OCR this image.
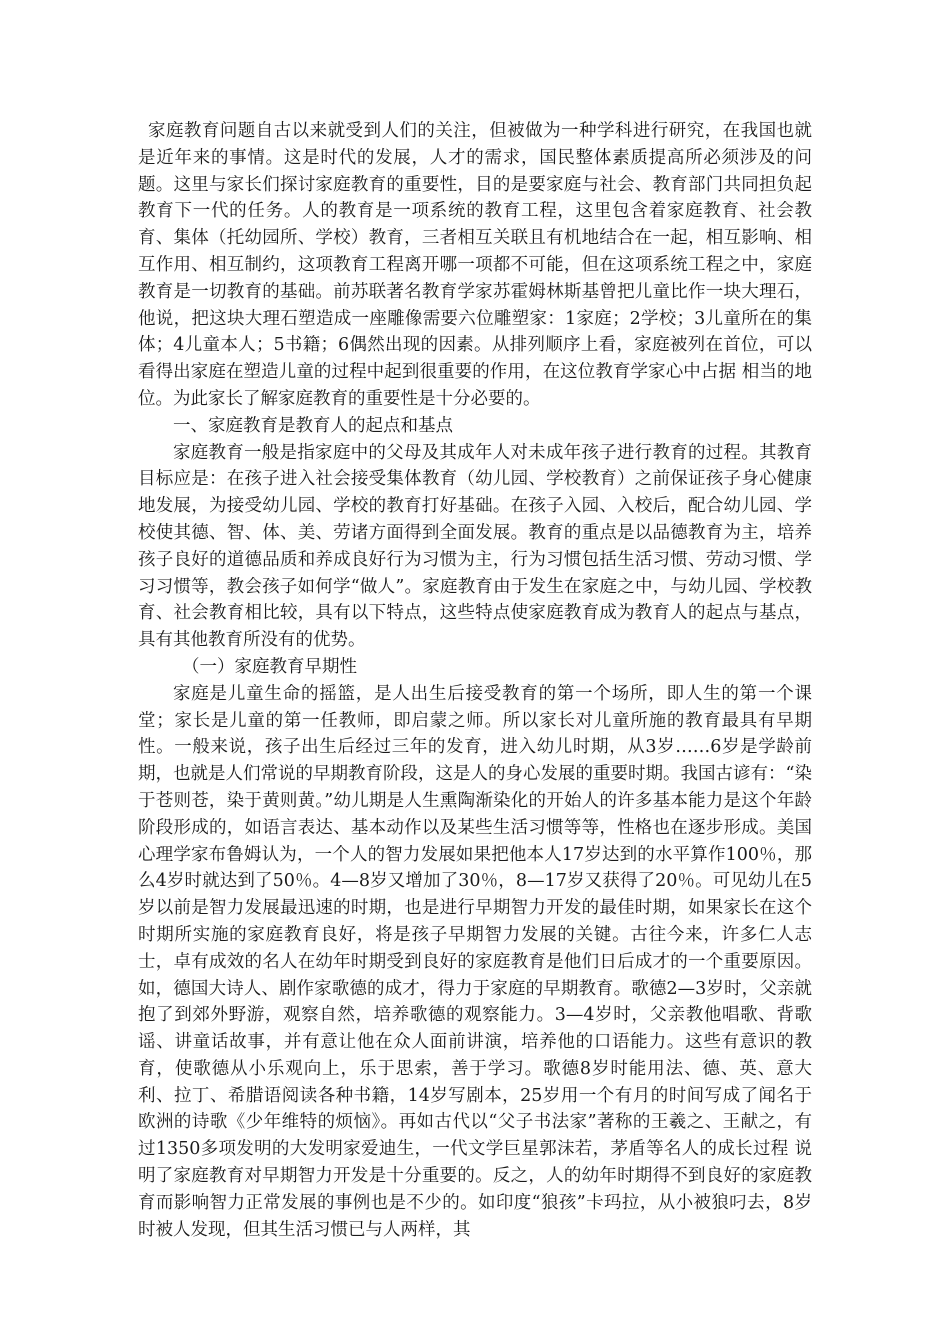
家庭教育问题自古以来就受到人们的关注，但被做为一种学科进行研究，在我国也就是近年来的事情。这是时代的发展，人才的需求，国民整体素质提高所必须涉及的问题。这里与家长们探讨家庭教育的重要性，目的是要家庭与社会、教育部门共同担负起教育下一代的任务。人的教育是一项系统的教育工程，这里包含着家庭教育、社会教育、集体（托幼园所、学校）教育，三者相互关联且有机地结合在一起，相互影响、相互作用、相互制约，这项教育工程离开哪一项都不可能，但在这项系统工程之中，家庭教育是一切教育的基础。前苏联著名教育学家苏霍姆林斯基曾把儿童比作一块大理石，他说，把这块大理石塑造成一座雕像需要六位雕塑家：1家庭；2学校；3儿童所在的集体；4儿童本人；5书籍；6偶然出现的因素。从排列顺序上看，家庭被列在首位，可以看得出家庭在塑造儿童的过程中起到很重要的作用，在这位教育学家心中占据 相当的地位。为此家长了解家庭教育的重要性是十分必要的。

一、家庭教育是教育人的起点和基点

家庭教育一般是指家庭中的父母及其成年人对未成年孩子进行教育的过程。其教育目标应是：在孩子进入社会接受集体教育（幼儿园、学校教育）之前保证孩子身心健康地发展，为接受幼儿园、学校的教育打好基础。在孩子入园、入校后，配合幼儿园、学校使其德、智、体、美、劳诸方面得到全面发展。教育的重点是以品德教育为主，培养孩子良好的道德品质和养成良好行为习惯为主，行为习惯包括生活习惯、劳动习惯、学习习惯等，教会孩子如何学“做人”。家庭教育由于发生在家庭之中，与幼儿园、学校教育、社会教育相比较，具有以下特点，这些特点使家庭教育成为教育人的起点与基点，具有其他教育所没有的优势。

（一）家庭教育早期性

家庭是儿童生命的摇篮，是人出生后接受教育的第一个场所，即人生的第一个课堂；家长是儿童的第一任教师，即启蒙之师。所以家长对儿童所施的教育最具有早期性。一般来说，孩子出生后经过三年的发育，进入幼儿时期，从3岁……6岁是学龄前期，也就是人们常说的早期教育阶段，这是人的身心发展的重要时期。我国古谚有：“染于苍则苍，染于黄则黄。”幼儿期是人生熏陶渐染化的开始人的许多基本能力是这个年龄阶段形成的，如语言表达、基本动作以及某些生活习惯等等，性格也在逐步形成。美国心理学家布鲁姆认为，一个人的智力发展如果把他本人17岁达到的水平算作100％，那么4岁时就达到了50％。4—8岁又增加了30％，8—17岁又获得了20％。可见幼儿在5岁以前是智力发展最迅速的时期，也是进行早期智力开发的最佳时期，如果家长在这个时期所实施的家庭教育良好，将是孩子早期智力发展的关键。古往今来，许多仁人志士，卓有成效的名人在幼年时期受到良好的家庭教育是他们日后成才的一个重要原因。如，德国大诗人、剧作家歌德的成才，得力于家庭的早期教育。歌德2—3岁时，父亲就抱了到郊外野游，观察自然，培养歌德的观察能力。3—4岁时，父亲教他唱歌、背歌谣、讲童话故事，并有意让他在众人面前讲演，培养他的口语能力。这些有意识的教育，使歌德从小乐观向上，乐于思索，善于学习。歌德8岁时能用法、德、英、意大利、拉丁、希腊语阅读各种书籍，14岁写剧本，25岁用一个有月的时间写成了闻名于欧洲的诗歌《少年维特的烦恼》。再如古代以“父子书法家”著称的王羲之、王献之，有过1350多项发明的大发明家爱迪生，一代文学巨星郭沫若，茅盾等名人的成长过程 说明了家庭教育对早期智力开发是十分重要的。反之，人的幼年时期得不到良好的家庭教育而影响智力正常发展的事例也是不少的。如印度“狼孩”卡玛拉，从小被狼叼去，8岁时被人发现，但其生活习惯已与人两样，其
